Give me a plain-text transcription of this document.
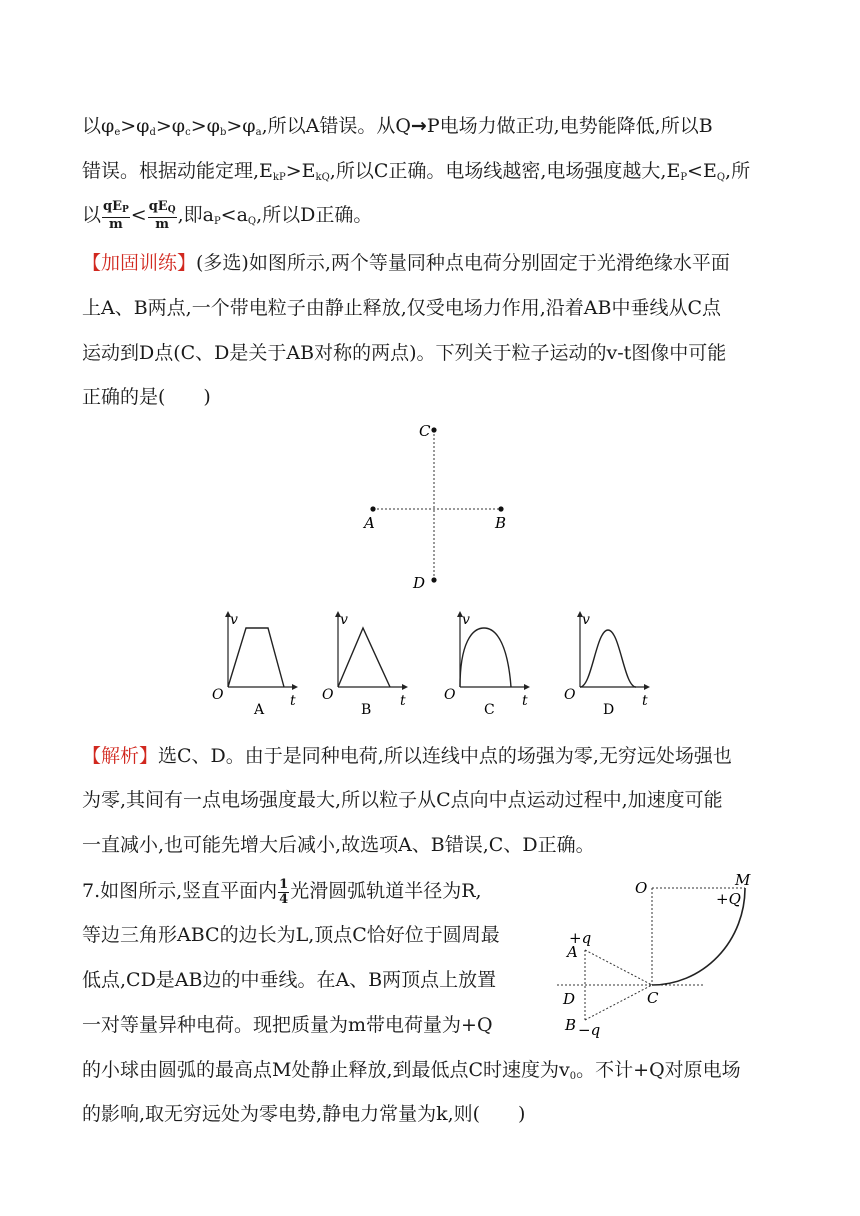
以$\varphi_e>\varphi_d>\varphi_c>\varphi_b>\varphi_a$,所以A错误。从Q→P电场力做正功,电势能降低,所以B
错误。根据动能定理$,E_{kP}>E_{kQ}$,所以C正确。电场线越密,电场强度越大$,E_P<E_Q$,所
以 $\frac{\text{qEP}}{m} < \frac{\text{qEQ}}{m}$ ,即$a_P<a_Q$,所以D正确。
【加固训练】(多选)如图所示,两个等量同种点电荷分别固定于光滑绝缘水平面
上A、B两点,一个带电粒子由静止释放,仅受电场力作用,沿着AB中垂线从C点
运动到D点(C、D是关于AB对称的两点)。下列关于粒子运动的v-t图像中可能
正确的是(　　)
C
A	B
D
v
O	t
A
v
O	t
B
v
O	t
C
v
O	t
D
【解析】选C、D。由于是同种电荷,所以连线中点的场强为零,无穷远处场强也
为零,其间有一点电场强度最大,所以粒子从C点向中点运动过程中,加速度可能
一直减小,也可能先增大后减小,故选项A、B错误,C、D正确。
7.如图所示,竖直平面内 $\frac{1}{4}$ 光滑圆弧轨道半径为R,
等边三角形ABC的边长为L,顶点C恰好位于圆周最
低点,CD是AB边的中垂线。在A、B两顶点上放置
一对等量异种电荷。现把质量为m带电荷量为+Q
的小球由圆弧的最高点M处静止释放,到最低点C时速度为$v_0$。不计+Q对原电场
的影响,取无穷远处为零电势,静电力常量为k,则(　　)
O	M
+Q
+q
A
D	C
B −q
